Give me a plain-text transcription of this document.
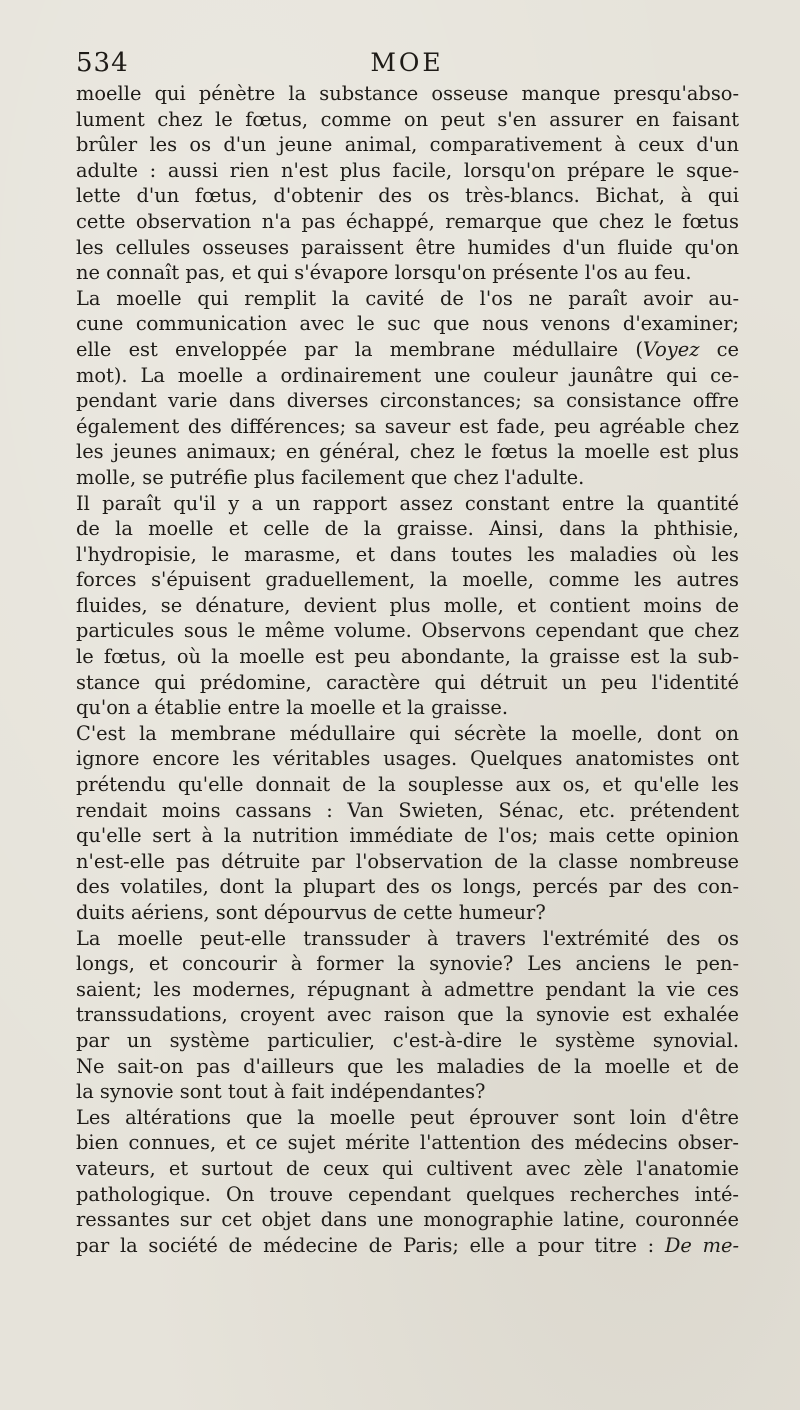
534	MOE
moelle qui pénètre la substance osseuse manque presqu'abso-
lument chez le fœtus, comme on peut s'en assurer en faisant
brûler les os d'un jeune animal, comparativement à ceux d'un
adulte : aussi rien n'est plus facile, lorsqu'on prépare le sque-
lette d'un fœtus, d'obtenir des os très-blancs. Bichat, à qui
cette observation n'a pas échappé, remarque que chez le fœtus
les cellules osseuses paraissent être humides d'un fluide qu'on
ne connaît pas, et qui s'évapore lorsqu'on présente l'os au feu.
La moelle qui remplit la cavité de l'os ne paraît avoir au-
cune communication avec le suc que nous venons d'examiner;
elle est enveloppée par la membrane médullaire (Voyez ce
mot). La moelle a ordinairement une couleur jaunâtre qui ce-
pendant varie dans diverses circonstances; sa consistance offre
également des différences; sa saveur est fade, peu agréable chez
les jeunes animaux; en général, chez le fœtus la moelle est plus
molle, se putréfie plus facilement que chez l'adulte.
Il paraît qu'il y a un rapport assez constant entre la quantité
de la moelle et celle de la graisse. Ainsi, dans la phthisie,
l'hydropisie, le marasme, et dans toutes les maladies où les
forces s'épuisent graduellement, la moelle, comme les autres
fluides, se dénature, devient plus molle, et contient moins de
particules sous le même volume. Observons cependant que chez
le fœtus, où la moelle est peu abondante, la graisse est la sub-
stance qui prédomine, caractère qui détruit un peu l'identité
qu'on a établie entre la moelle et la graisse.
C'est la membrane médullaire qui sécrète la moelle, dont on
ignore encore les véritables usages. Quelques anatomistes ont
prétendu qu'elle donnait de la souplesse aux os, et qu'elle les
rendait moins cassans : Van Swieten, Sénac, etc. prétendent
qu'elle sert à la nutrition immédiate de l'os; mais cette opinion
n'est-elle pas détruite par l'observation de la classe nombreuse
des volatiles, dont la plupart des os longs, percés par des con-
duits aériens, sont dépourvus de cette humeur?
La moelle peut-elle transsuder à travers l'extrémité des os
longs, et concourir à former la synovie? Les anciens le pen-
saient; les modernes, répugnant à admettre pendant la vie ces
transsudations, croyent avec raison que la synovie est exhalée
par un système particulier, c'est-à-dire le système synovial.
Ne sait-on pas d'ailleurs que les maladies de la moelle et de
la synovie sont tout à fait indépendantes?
Les altérations que la moelle peut éprouver sont loin d'être
bien connues, et ce sujet mérite l'attention des médecins obser-
vateurs, et surtout de ceux qui cultivent avec zèle l'anatomie
pathologique. On trouve cependant quelques recherches inté-
ressantes sur cet objet dans une monographie latine, couronnée
par la société de médecine de Paris; elle a pour titre : De me-
